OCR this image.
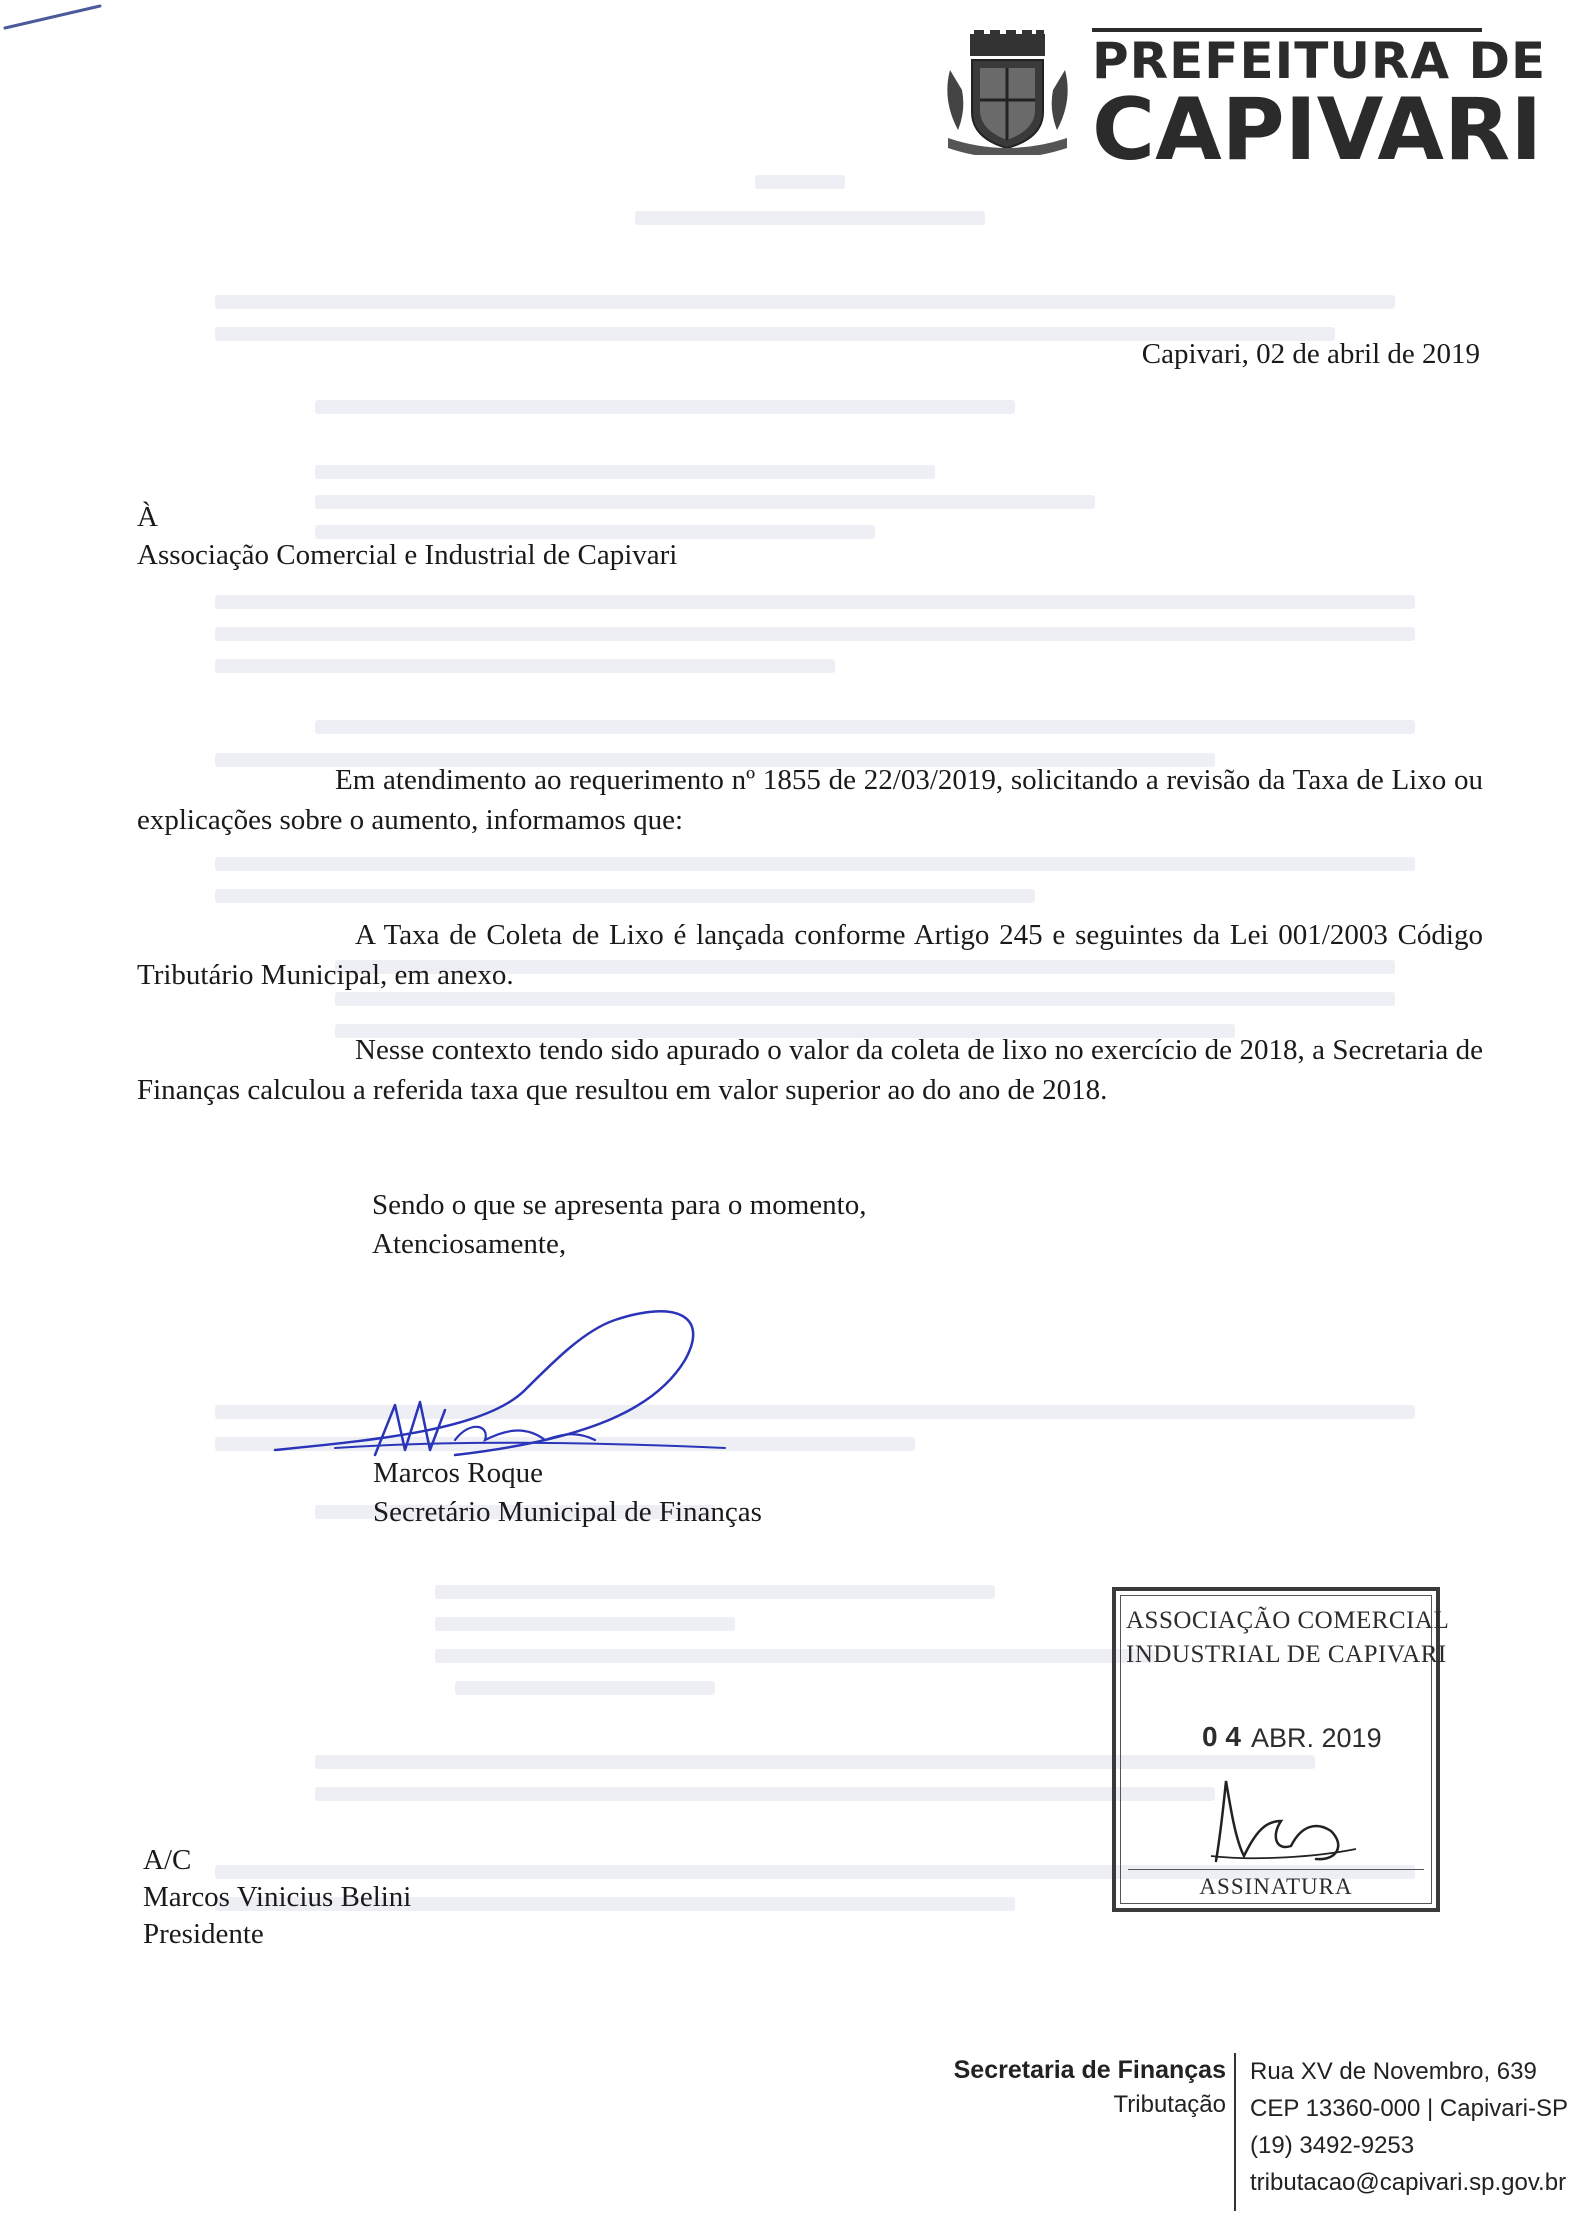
PREFEITURA DE
CAPIVARI
Capivari, 02 de abril de 2019
À
Associação Comercial e Industrial de Capivari
Em atendimento ao requerimento nº 1855 de 22/03/2019, solicitando a revisão da Taxa de Lixo ou explicações sobre o aumento, informamos que:
A Taxa de Coleta de Lixo é lançada conforme Artigo 245 e seguintes da Lei 001/2003 Código Tributário Municipal, em anexo.
Nesse contexto tendo sido apurado o valor da coleta de lixo no exercício de 2018, a Secretaria de Finanças calculou a referida taxa que resultou em valor superior ao do ano de 2018.
Sendo o que se apresenta para o momento,
Atenciosamente,
Marcos Roque
Secretário Municipal de Finanças
ASSOCIAÇÃO COMERCIAL
INDUSTRIAL DE CAPIVARI
0 4 ABR. 2019
ASSINATURA
A/C
Marcos Vinicius Belini
Presidente
Secretaria de Finanças
Tributação
Rua XV de Novembro, 639
CEP 13360-000 | Capivari-SP
(19) 3492-9253
tributacao@capivari.sp.gov.br
